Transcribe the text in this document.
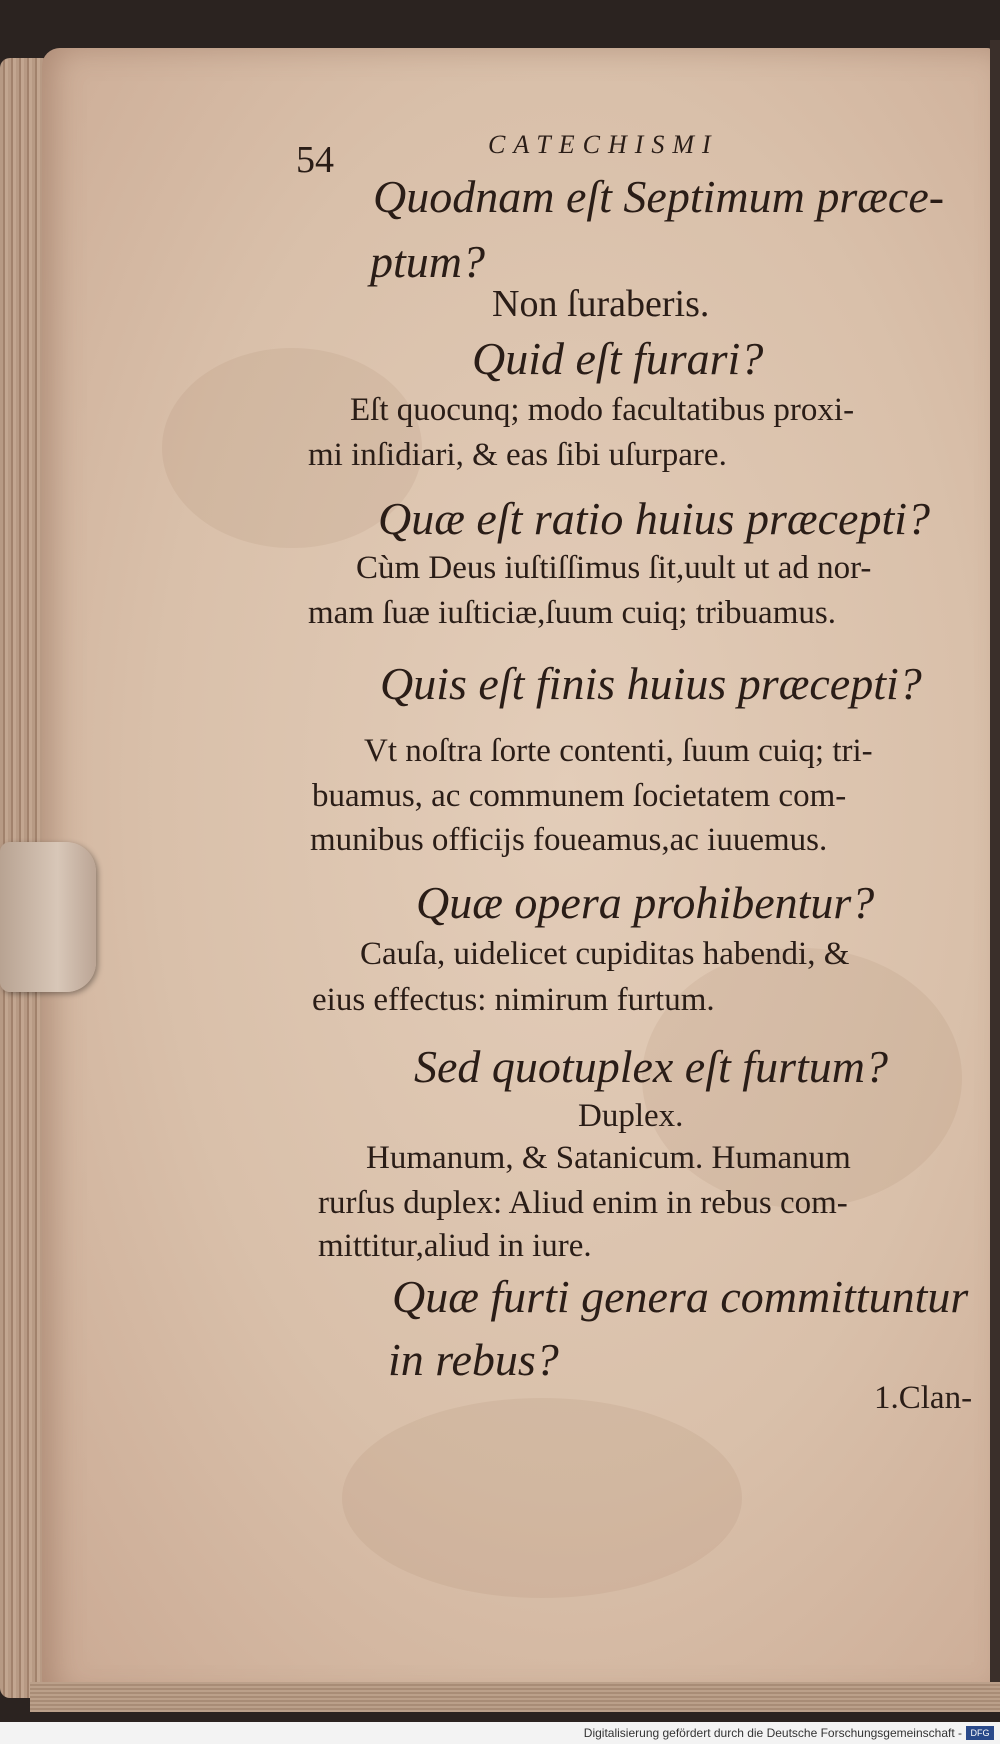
54	CATECHISMI
Quodnam eſt Septimum præce-
ptum?
Non ſuraberis.
Quid eſt furari?
Eſt quocunq; modo facultatibus proxi-
mi inſidiari, & eas ſibi uſurpare.
Quæ eſt ratio huius præcepti?
Cùm Deus iuſtiſſimus ſit,uult ut ad nor-
mam ſuæ iuſticiæ,ſuum cuiq; tribuamus.
Quis eſt finis huius præcepti?
Vt noſtra ſorte contenti, ſuum cuiq; tri-
buamus, ac communem ſocietatem com-
munibus officijs foueamus,ac iuuemus.
Quæ opera prohibentur?
Cauſa, uidelicet cupiditas habendi, &
eius effectus: nimirum furtum.
Sed quotuplex eſt furtum?
Duplex.
Humanum, & Satanicum. Humanum
rurſus duplex: Aliud enim in rebus com-
mittitur,aliud in iure.
Quæ furti genera committuntur
in rebus?
1.Clan-
Digitalisierung gefördert durch die Deutsche Forschungsgemeinschaft - DFG
